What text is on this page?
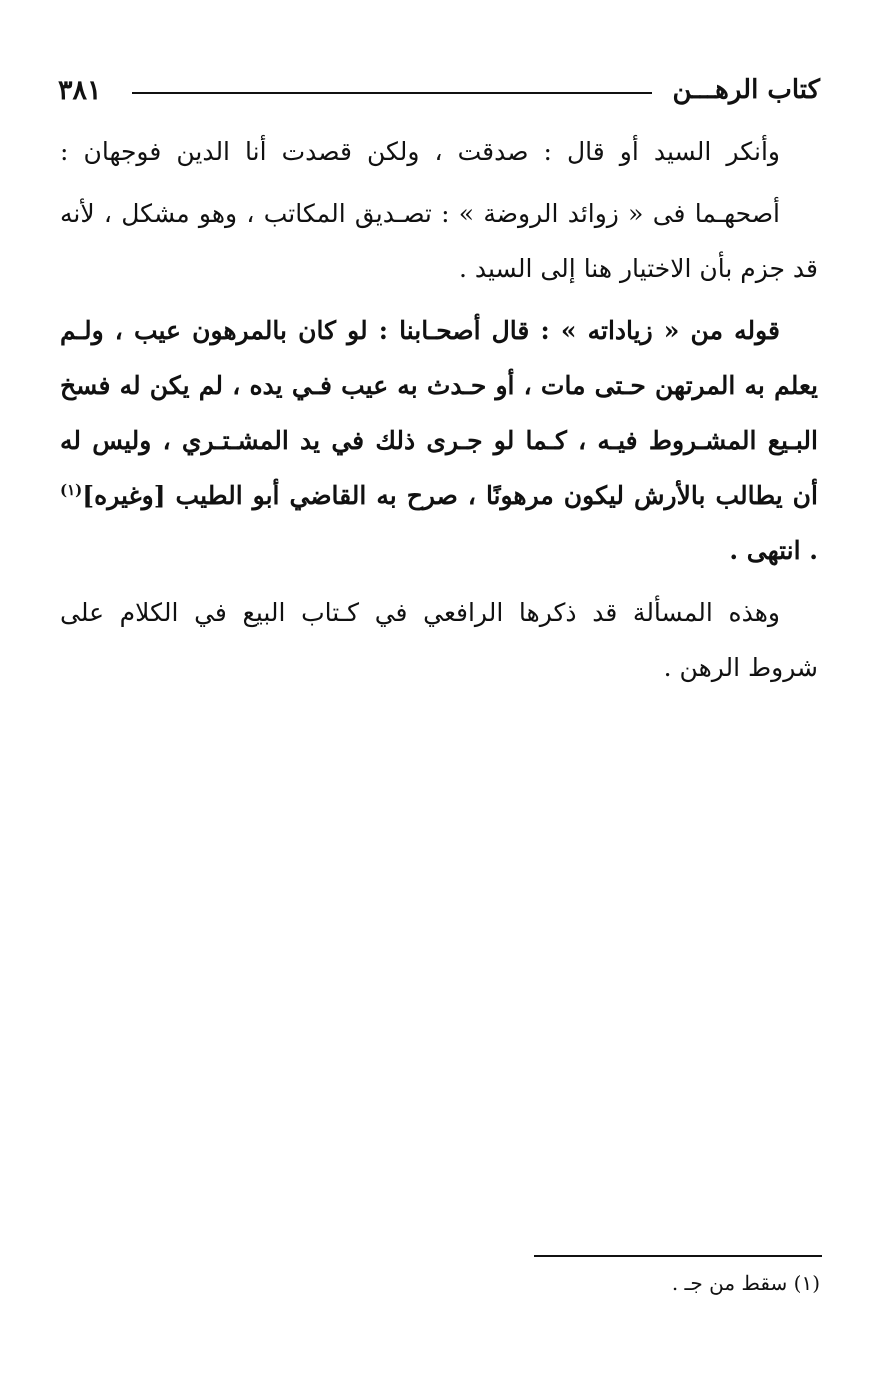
كتاب الرهـــن
٣٨١

وأنكر السيد أو قال : صدقت ، ولكن قصدت أنا الدين فوجهان :

أصحهـما فى « زوائد الروضة » : تصـديق المكاتب ، وهو مشكل ، لأنه قد جزم بأن الاختيار هنا إلى السيد .

قوله من « زياداته » : قال أصحـابنا : لو كان بالمرهون عيب ، ولـم يعلم به المرتهن حـتى مات ، أو حـدث به عيب فـي يده ، لم يكن له فسخ البـيع المشـروط فيـه ، كـما لو جـرى ذلك في يد المشـتـري ، وليس له أن يطالب بالأرش ليكون مرهونًا ، صرح به القاضي أبو الطيب [وغيره]$^{(١)}$ . انتهى .

وهذه المسألة قد ذكرها الرافعي في كـتاب البيع في الكلام على شروط الرهن .

(١) سقط من جـ .
